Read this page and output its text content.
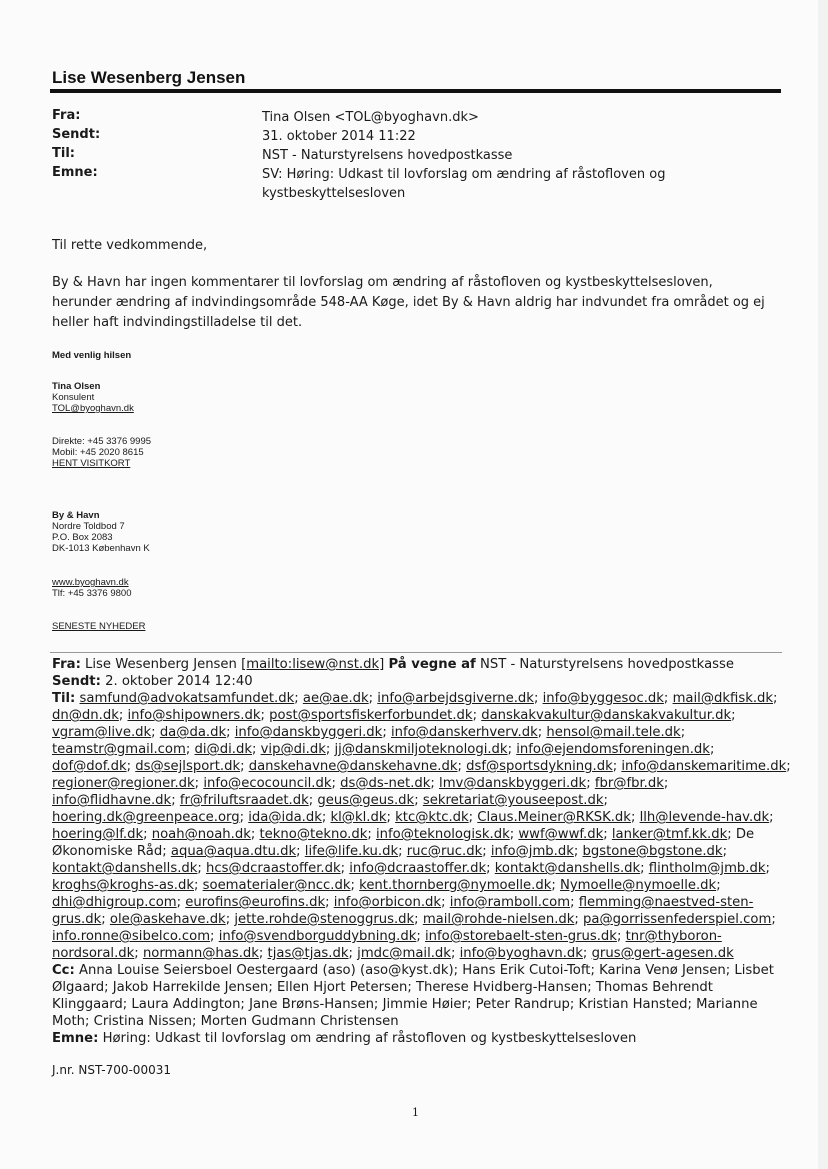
Lise Wesenberg Jensen
Fra:	Tina Olsen <TOL@byoghavn.dk>
Sendt:	31. oktober 2014 11:22
Til:	NST - Naturstyrelsens hovedpostkasse
Emne:	SV: Høring: Udkast til lovforslag om ændring af råstofloven og kystbeskyttelsesloven
Til rette vedkommende,
By & Havn har ingen kommentarer til lovforslag om ændring af råstofloven og kystbeskyttelsesloven, herunder ændring af indvindingsområde 548-AA Køge, idet By & Havn aldrig har indvundet fra området og ej heller haft indvindingstilladelse til det.
Med venlig hilsen
Tina Olsen
Konsulent
TOL@byoghavn.dk
Direkte: +45 3376 9995
Mobil: +45 2020 8615
HENT VISITKORT
By & Havn
Nordre Toldbod 7
P.O. Box 2083
DK-1013 København K
www.byoghavn.dk
Tlf: +45 3376 9800
SENESTE NYHEDER
Fra: Lise Wesenberg Jensen [mailto:lisew@nst.dk] På vegne af NST - Naturstyrelsens hovedpostkasse
Sendt: 2. oktober 2014 12:40
Til: samfund@advokatsamfundet.dk; ae@ae.dk; info@arbejdsgiverne.dk; info@byggesoc.dk; mail@dkfisk.dk; dn@dn.dk; info@shipowners.dk; post@sportsfiskerforbundet.dk; danskakvakultur@danskakvakultur.dk; vgram@live.dk; da@da.dk; info@danskbyggeri.dk; info@danskerhverv.dk; hensol@mail.tele.dk; teamstr@gmail.com; di@di.dk; vip@di.dk; jj@danskmiljoteknologi.dk; info@ejendomsforeningen.dk; dof@dof.dk; ds@sejlsport.dk; danskehavne@danskehavne.dk; dsf@sportsdykning.dk; info@danskemaritime.dk; regioner@regioner.dk; info@ecocouncil.dk; ds@ds-net.dk; lmv@danskbyggeri.dk; fbr@fbr.dk; info@flidhavne.dk; fr@friluftsraadet.dk; geus@geus.dk; sekretariat@youseepost.dk; hoering.dk@greenpeace.org; ida@ida.dk; kl@kl.dk; ktc@ktc.dk; Claus.Meiner@RKSK.dk; llh@levende-hav.dk; hoering@lf.dk; noah@noah.dk; tekno@tekno.dk; info@teknologisk.dk; wwf@wwf.dk; lanker@tmf.kk.dk; De Økonomiske Råd; aqua@aqua.dtu.dk; life@life.ku.dk; ruc@ruc.dk; info@jmb.dk; bgstone@bgstone.dk; kontakt@danshells.dk; hcs@dcraastoffer.dk; info@dcraastoffer.dk; kontakt@danshells.dk; flintholm@jmb.dk; kroghs@kroghs-as.dk; soematerialer@ncc.dk; kent.thornberg@nymoelle.dk; Nymoelle@nymoelle.dk; dhi@dhigroup.com; eurofins@eurofins.dk; info@orbicon.dk; info@ramboll.com; flemming@naestved-sten-grus.dk; ole@askehave.dk; jette.rohde@stenoggrus.dk; mail@rohde-nielsen.dk; pa@gorrissenfederspiel.com; info.ronne@sibelco.com; info@svendborguddybning.dk; info@storebaelt-sten-grus.dk; tnr@thyboron-nordsoral.dk; normann@has.dk; tjas@tjas.dk; jmdc@mail.dk; info@byoghavn.dk; grus@gert-agesen.dk
Cc: Anna Louise Seiersboel Oestergaard (aso) (aso@kyst.dk); Hans Erik Cutoi-Toft; Karina Venø Jensen; Lisbet Ølgaard; Jakob Harrekilde Jensen; Ellen Hjort Petersen; Therese Hvidberg-Hansen; Thomas Behrendt Klinggaard; Laura Addington; Jane Brøns-Hansen; Jimmie Høier; Peter Randrup; Kristian Hansted; Marianne Moth; Cristina Nissen; Morten Gudmann Christensen
Emne: Høring: Udkast til lovforslag om ændring af råstofloven og kystbeskyttelsesloven
J.nr. NST-700-00031
1
